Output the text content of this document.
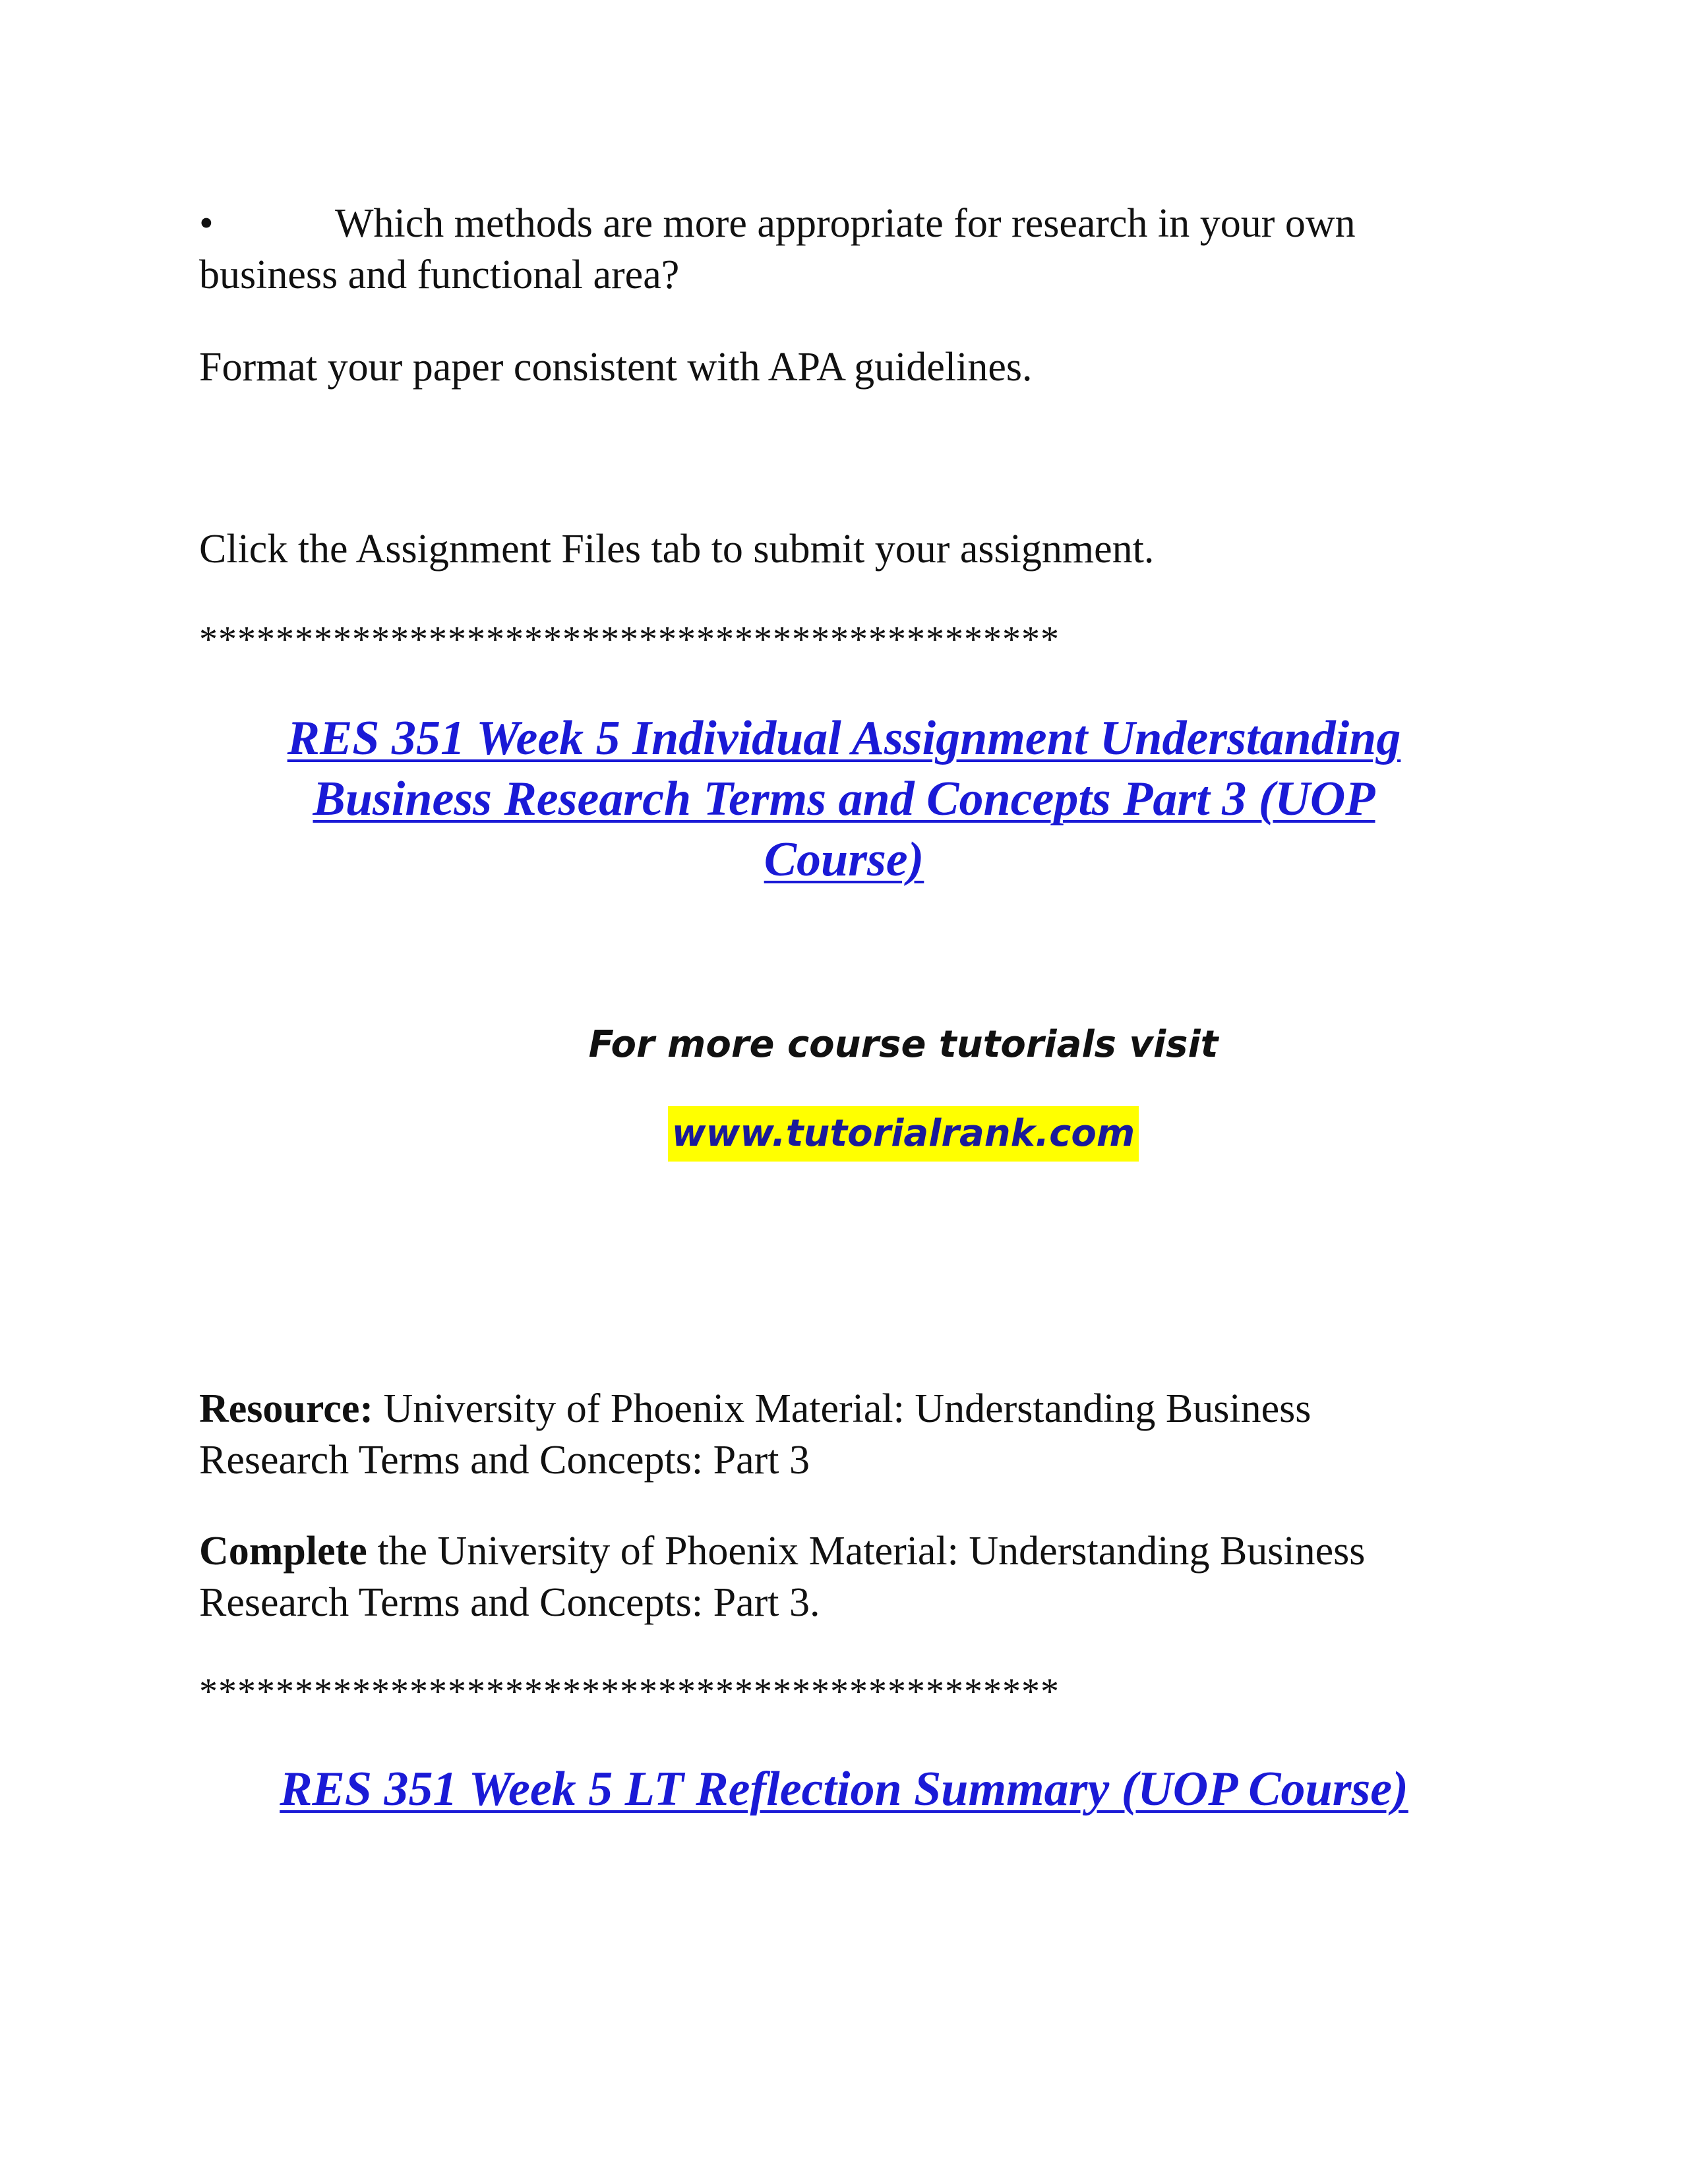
•	Which methods are more appropriate for research in your own
business and functional area?

Format your paper consistent with APA guidelines.

Click the Assignment Files tab to submit your assignment.

*********************************************

RES 351 Week 5 Individual Assignment Understanding
Business Research Terms and Concepts Part 3 (UOP
Course)

For more course tutorials visit

www.tutorialrank.com

Resource: University of Phoenix Material: Understanding Business
Research Terms and Concepts: Part 3

Complete the University of Phoenix Material: Understanding Business
Research Terms and Concepts: Part 3.

*********************************************

RES 351 Week 5 LT Reflection Summary (UOP Course)
